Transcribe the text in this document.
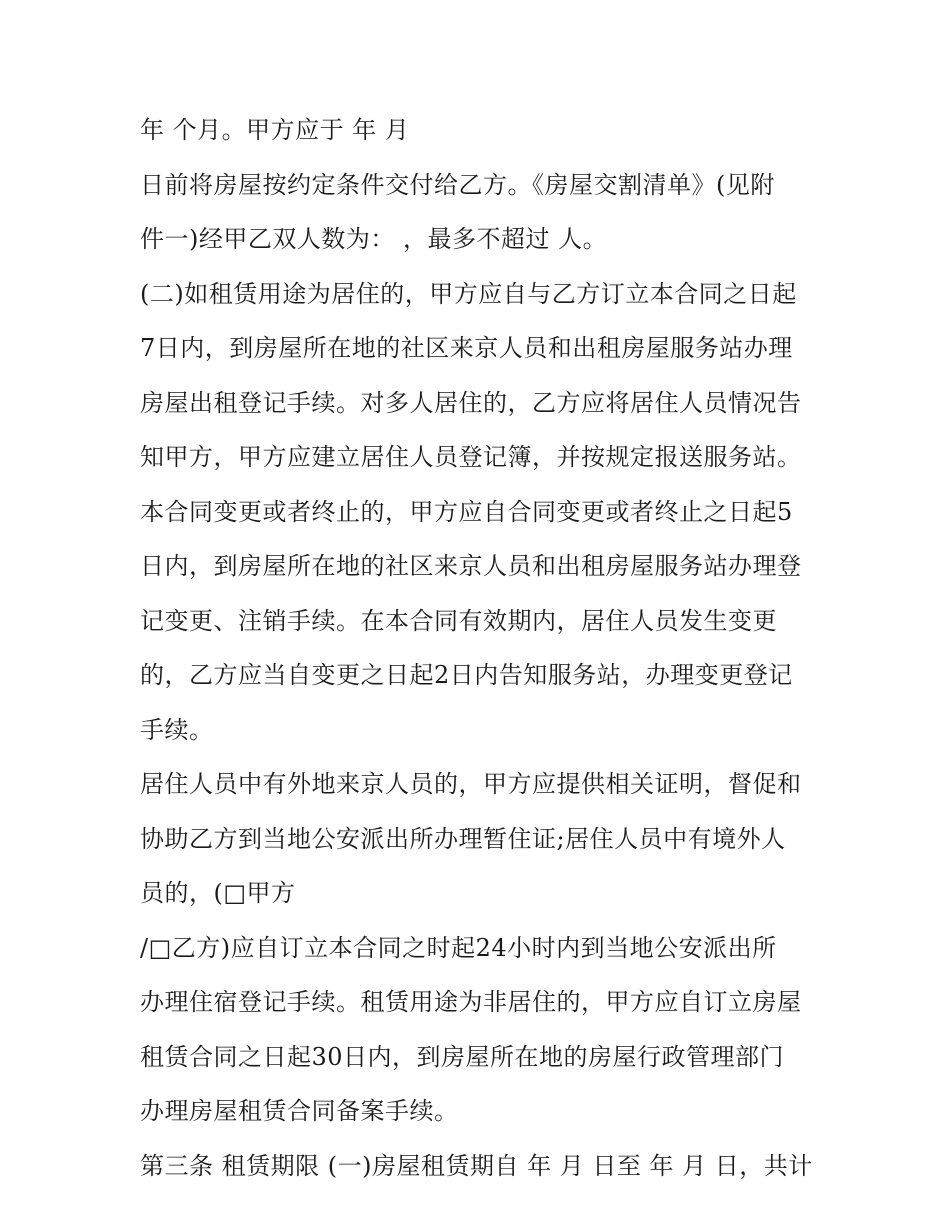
年 个月。甲方应于 年 月
日前将房屋按约定条件交付给乙方。《房屋交割清单》(见附
件一)经甲乙双人数为： ，最多不超过 人。
(二)如租赁用途为居住的，甲方应自与乙方订立本合同之日起
7日内，到房屋所在地的社区来京人员和出租房屋服务站办理
房屋出租登记手续。对多人居住的，乙方应将居住人员情况告
知甲方，甲方应建立居住人员登记簿，并按规定报送服务站。
本合同变更或者终止的，甲方应自合同变更或者终止之日起5
日内，到房屋所在地的社区来京人员和出租房屋服务站办理登
记变更、注销手续。在本合同有效期内，居住人员发生变更
的，乙方应当自变更之日起2日内告知服务站，办理变更登记
手续。
居住人员中有外地来京人员的，甲方应提供相关证明，督促和
协助乙方到当地公安派出所办理暂住证;居住人员中有境外人
员的，(□甲方
/□乙方)应自订立本合同之时起24小时内到当地公安派出所
办理住宿登记手续。租赁用途为非居住的，甲方应自订立房屋
租赁合同之日起30日内，到房屋所在地的房屋行政管理部门
办理房屋租赁合同备案手续。
第三条 租赁期限 (一)房屋租赁期自 年 月 日至 年 月 日，共计
